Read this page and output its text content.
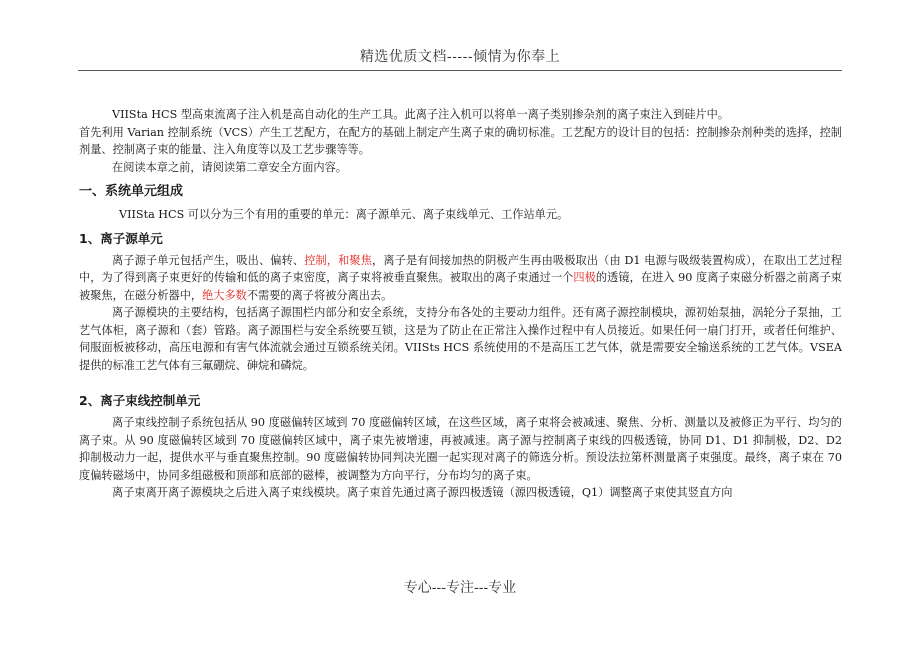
精选优质文档-----倾情为你奉上

VIISta HCS 型高束流离子注入机是高自动化的生产工具。此离子注入机可以将单一离子类别掺杂剂的离子束注入到硅片中。

首先利用 Varian 控制系统（VCS）产生工艺配方，在配方的基础上制定产生离子束的确切标准。工艺配方的设计目的包括：控制掺杂剂种类的选择，控制剂量、控制离子束的能量、注入角度等以及工艺步骤等等。

在阅读本章之前，请阅读第二章安全方面内容。

一、系统单元组成

VIISta HCS 可以分为三个有用的重要的单元：离子源单元、离子束线单元、工作站单元。

1、离子源单元

离子源子单元包括产生，吸出、偏转、控制，和聚焦，离子是有间接加热的阴极产生再由吸极取出（由 D1 电源与吸级装置构成），在取出工艺过程中，为了得到离子束更好的传输和低的离子束密度，离子束将被垂直聚焦。被取出的离子束通过一个四极的透镜，在进入 90 度离子束磁分析器之前离子束被聚焦，在磁分析器中，绝大多数不需要的离子将被分离出去。

离子源模块的主要结构，包括离子源围栏内部分和安全系统，支持分布各处的主要动力组件。还有离子源控制模块，源初始泵抽，涡轮分子泵抽，工艺气体柜，离子源和（套）管路。离子源围栏与安全系统要互锁，这是为了防止在正常注入操作过程中有人员接近。如果任何一扇门打开，或者任何维护、伺服面板被移动，高压电源和有害气体流就会通过互锁系统关闭。VIISts HCS 系统使用的不是高压工艺气体，就是需要安全输送系统的工艺气体。VSEA 提供的标准工艺气体有三氟硼烷、砷烷和磷烷。

2、离子束线控制单元

离子束线控制子系统包括从 90 度磁偏转区域到 70 度磁偏转区域，在这些区域，离子束将会被减速、聚焦、分析、测量以及被修正为平行、均匀的离子束。从 90 度磁偏转区域到 70 度磁偏转区域中，离子束先被增速，再被减速。离子源与控制离子束线的四极透镜，协同 D1、D1 抑制极，D2、D2 抑制极动力一起，提供水平与垂直聚焦控制。90 度磁偏转协同判决光圈一起实现对离子的筛选分析。预设法拉第杯测量离子束强度。最终，离子束在 70 度偏转磁场中，协同多组磁极和顶部和底部的磁棒，被调整为方向平行，分布均匀的离子束。

离子束离开离子源模块之后进入离子束线模块。离子束首先通过离子源四极透镜（源四极透镜，Q1）调整离子束使其竖直方向

专心---专注---专业
